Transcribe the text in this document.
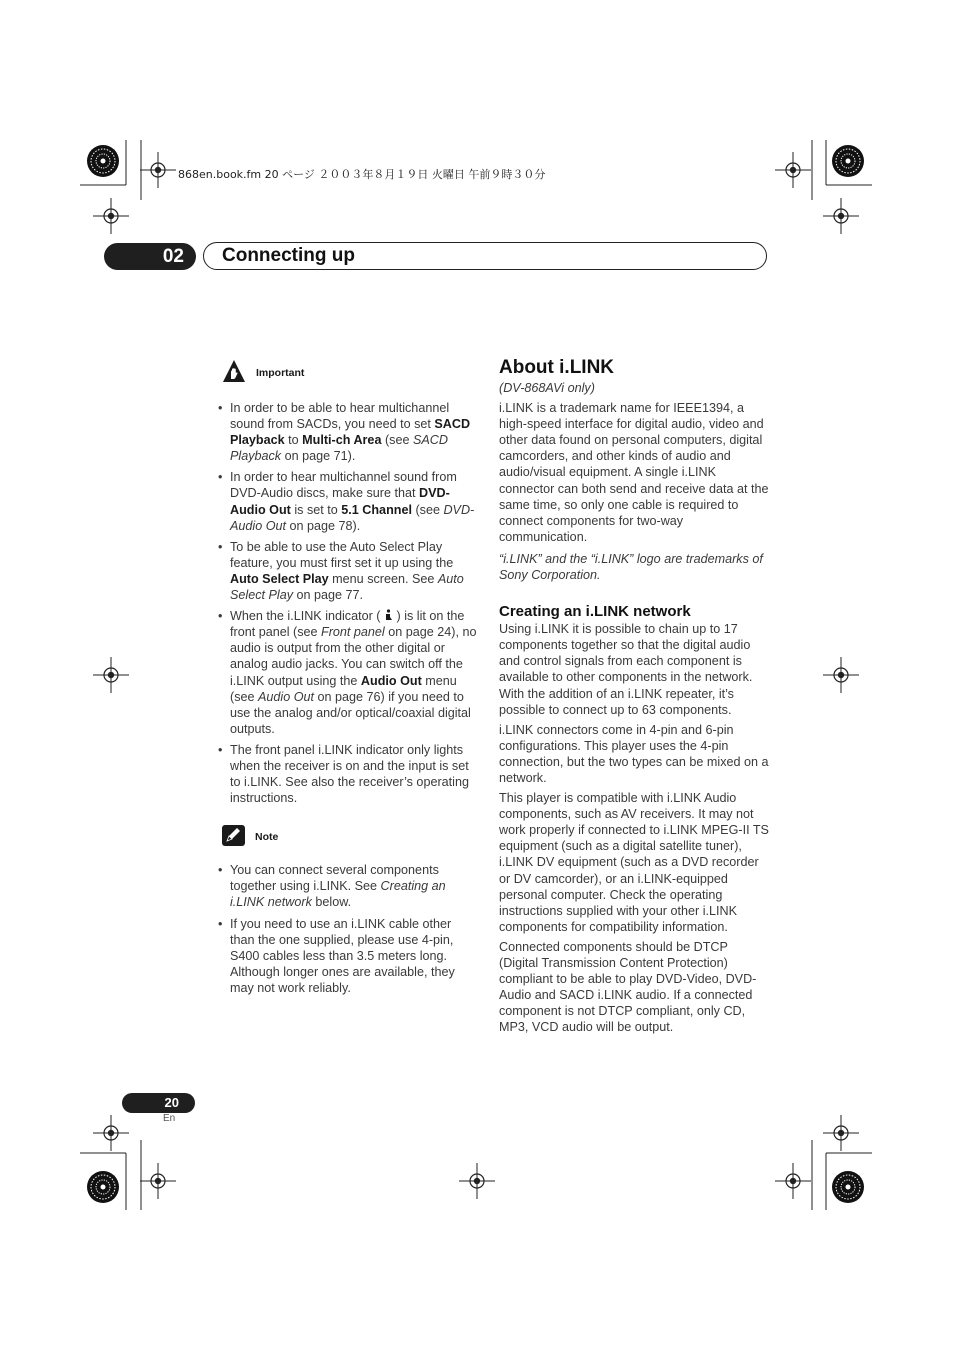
868en.book.fm 20 ページ ２００３年８月１９日 火曜日 午前９時３０分
02	Connecting up
Important
• In order to be able to hear multichannel sound from SACDs, you need to set SACD Playback to Multi-ch Area (see SACD Playback on page 71).
• In order to hear multichannel sound from DVD-Audio discs, make sure that DVD-Audio Out is set to 5.1 Channel (see DVD-Audio Out on page 78).
• To be able to use the Auto Select Play feature, you must first set it up using the Auto Select Play menu screen. See Auto Select Play on page 77.
• When the i.LINK indicator (  ) is lit on the front panel (see Front panel on page 24), no audio is output from the other digital or analog audio jacks. You can switch off the i.LINK output using the Audio Out menu (see Audio Out on page 76) if you need to use the analog and/or optical/coaxial digital outputs.
• The front panel i.LINK indicator only lights when the receiver is on and the input is set to i.LINK. See also the receiver’s operating instructions.
Note
• You can connect several components together using i.LINK. See Creating an i.LINK network below.
• If you need to use an i.LINK cable other than the one supplied, please use 4-pin, S400 cables less than 3.5 meters long. Although longer ones are available, they may not work reliably.
About i.LINK

(DV-868AVi only)

i.LINK is a trademark name for IEEE1394, a high-speed interface for digital audio, video and other data found on personal computers, digital camcorders, and other kinds of audio and audio/visual equipment. A single i.LINK connector can both send and receive data at the same time, so only one cable is required to connect components for two-way communication.

“i.LINK” and the “i.LINK” logo are trademarks of Sony Corporation.

Creating an i.LINK network

Using i.LINK it is possible to chain up to 17 components together so that the digital audio and control signals from each component is available to other components in the network. With the addition of an i.LINK repeater, it’s possible to connect up to 63 components.

i.LINK connectors come in 4-pin and 6-pin configurations. This player uses the 4-pin connection, but the two types can be mixed on a network.

This player is compatible with i.LINK Audio components, such as AV receivers. It may not work properly if connected to i.LINK MPEG-II TS equipment (such as a digital satellite tuner), i.LINK DV equipment (such as a DVD recorder or DV camcorder), or an i.LINK-equipped personal computer. Check the operating instructions supplied with your other i.LINK components for compatibility information.

Connected components should be DTCP (Digital Transmission Content Protection) compliant to be able to play DVD-Video, DVD-Audio and SACD i.LINK audio. If a connected component is not DTCP compliant, only CD, MP3, VCD audio will be output.

20
En
